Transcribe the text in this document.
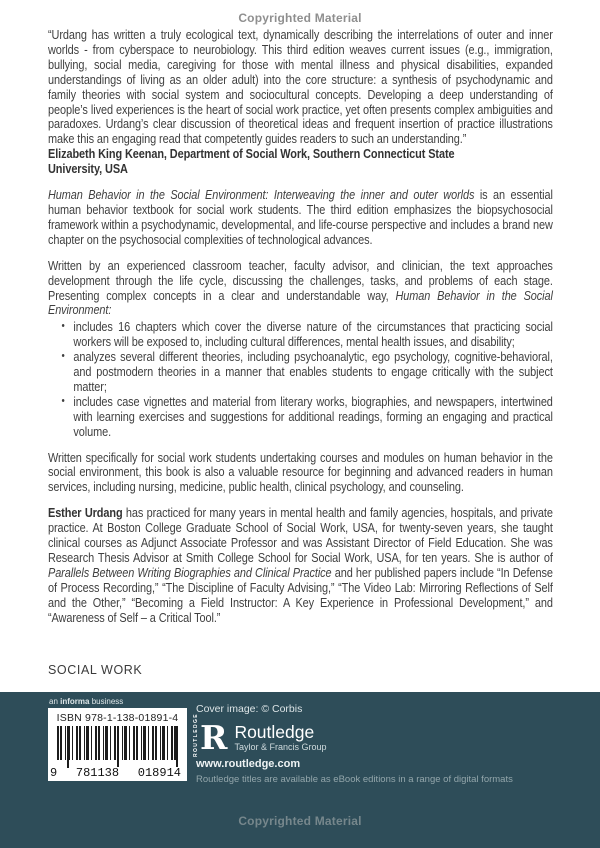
Copyrighted Material

“Urdang has written a truly ecological text, dynamically describing the interrelations of outer and inner worlds - from cyberspace to neurobiology. This third edition weaves current issues (e.g., immigration, bullying, social media, caregiving for those with mental illness and physical disabilities, expanded understandings of living as an older adult) into the core structure: a synthesis of psychodynamic and family theories with social system and sociocultural concepts. Developing a deep understanding of people’s lived experiences is the heart of social work practice, yet often presents complex ambiguities and paradoxes. Urdang’s clear discussion of theoretical ideas and frequent insertion of practice illustrations make this an engaging read that competently guides readers to such an understanding.”

Elizabeth King Keenan, Department of Social Work, Southern Connecticut State
University, USA

Human Behavior in the Social Environment: Interweaving the inner and outer worlds is an essential human behavior textbook for social work students. The third edition emphasizes the biopsychosocial framework within a psychodynamic, developmental, and life-course perspective and includes a brand new chapter on the psychosocial complexities of technological advances.

Written by an experienced classroom teacher, faculty advisor, and clinician, the text approaches development through the life cycle, discussing the challenges, tasks, and problems of each stage. Presenting complex concepts in a clear and understandable way, Human Behavior in the Social Environment:

• includes 16 chapters which cover the diverse nature of the circumstances that practicing social workers will be exposed to, including cultural differences, mental health issues, and disability;
• analyzes several different theories, including psychoanalytic, ego psychology, cognitive-behavioral, and postmodern theories in a manner that enables students to engage critically with the subject matter;
• includes case vignettes and material from literary works, biographies, and newspapers, intertwined with learning exercises and suggestions for additional readings, forming an engaging and practical volume.

Written specifically for social work students undertaking courses and modules on human behavior in the social environment, this book is also a valuable resource for beginning and advanced readers in human services, including nursing, medicine, public health, clinical psychology, and counseling.

Esther Urdang has practiced for many years in mental health and family agencies, hospitals, and private practice. At Boston College Graduate School of Social Work, USA, for twenty-seven years, she taught clinical courses as Adjunct Associate Professor and was Assistant Director of Field Education. She was Research Thesis Advisor at Smith College School for Social Work, USA, for ten years. She is author of Parallels Between Writing Biographies and Clinical Practice and her published papers include “In Defense of Process Recording,” “The Discipline of Faculty Advising,” “The Video Lab: Mirroring Reflections of Self and the Other,” “Becoming a Field Instructor: A Key Experience in Professional Development,” and “Awareness of Self – a Critical Tool.”

SOCIAL WORK
an informa business
ISBN 978-1-138-01891-4
9 781138 018914
Cover image: © Corbis
ROUTLEDGE R Routledge
Taylor & Francis Group
www.routledge.com
Routledge titles are available as eBook editions in a range of digital formats
Copyrighted Material
